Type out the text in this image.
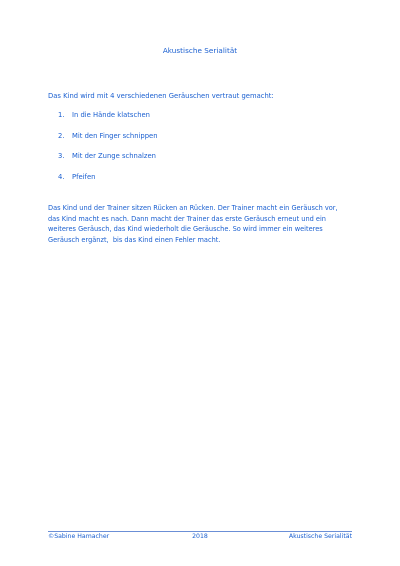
Akustische Serialität
Das Kind wird mit 4 verschiedenen Geräuschen vertraut gemacht:
1.	In die Hände klatschen
2.	Mit den Finger schnippen
3.	Mit der Zunge schnalzen
4.	Pfeifen
Das Kind und der Trainer sitzen Rücken an Rücken. Der Trainer macht ein Geräusch vor,
das Kind macht es nach. Dann macht der Trainer das erste Geräusch erneut und ein
weiteres Geräusch, das Kind wiederholt die Geräusche. So wird immer ein weiteres
Geräusch ergänzt,  bis das Kind einen Fehler macht.
©Sabine Hamacher	2018	Akustische Serialität
